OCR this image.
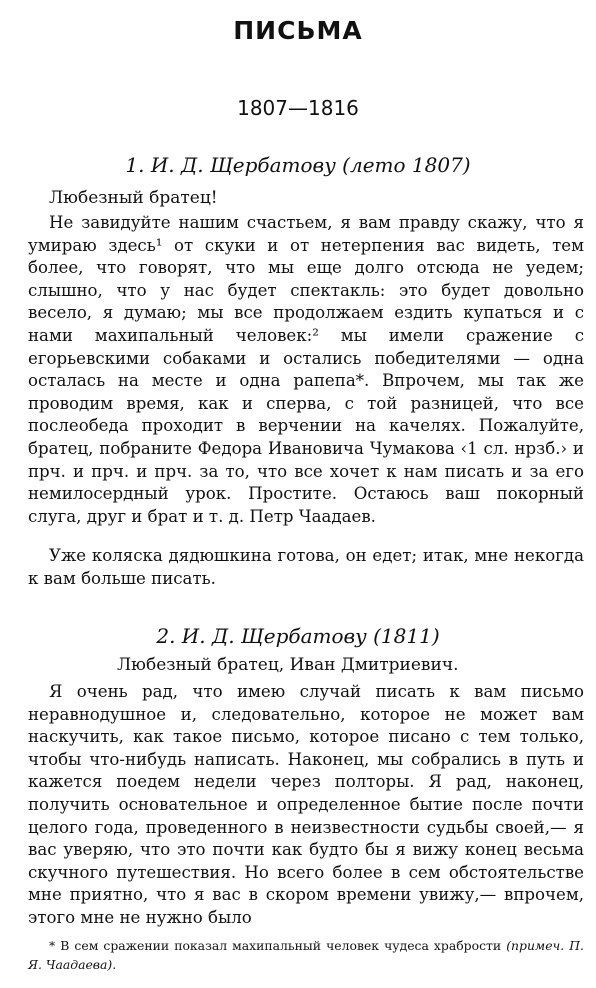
ПИСЬМА
1807—1816
1. И. Д. Щербатову (лето 1807)
Любезный братец!

Не завидуйте нашим счастьем, я вам правду скажу, что я умираю здесь¹ от скуки и от нетерпения вас видеть, тем более, что говорят, что мы еще долго отсюда не уедем; слышно, что у нас будет спектакль: это будет довольно весело, я думаю; мы все продолжаем ездить купаться и с нами махипальный человек:² мы имели сражение с егорьевскими собаками и остались победителями — одна осталась на месте и одна рапепа*. Впрочем, мы так же проводим время, как и сперва, с той разницей, что все послеобеда проходит в верчении на качелях. Пожалуйте, братец, побраните Федора Ивановича Чумакова ‹1 сл. нрзб.› и прч. и прч. и прч. за то, что все хочет к нам писать и за его немилосердный урок. Простите. Остаюсь ваш покорный слуга, друг и брат и т. д. Петр Чаадаев.

Уже коляска дядюшкина готова, он едет; итак, мне некогда к вам больше писать.

2. И. Д. Щербатову (1811)
Любезный братец, Иван Дмитриевич.

Я очень рад, что имею случай писать к вам письмо неравнодушное и, следовательно, которое не может вам наскучить, как такое письмо, которое писано с тем только, чтобы что-нибудь написать. Наконец, мы собрались в путь и кажется поедем недели через полторы. Я рад, наконец, получить основательное и определенное бытие после почти целого года, проведенного в неизвестности судьбы своей,— я вас уверяю, что это почти как будто бы я вижу конец весьма скучного путешествия. Но всего более в сем обстоятельстве мне приятно, что я вас в скором времени увижу,— впрочем, этого мне не нужно было

* В сем сражении показал махипальный человек чудеса храбрости (примеч. П. Я. Чаадаева).
